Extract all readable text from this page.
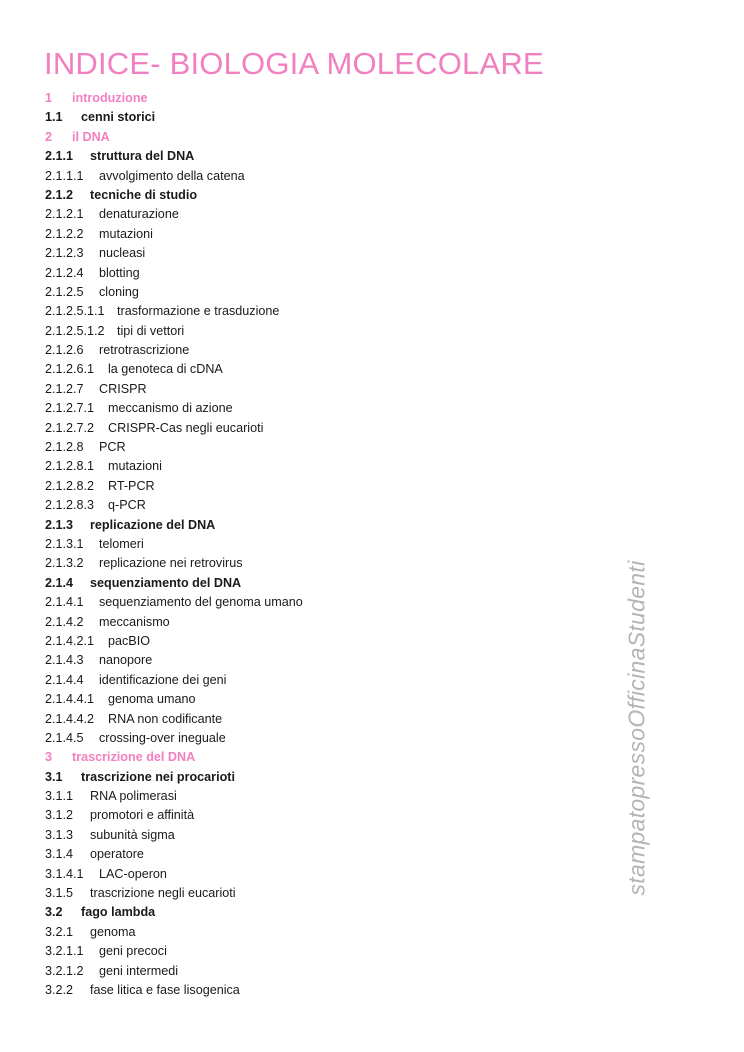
INDICE- BIOLOGIA MOLECOLARE
1 introduzione
1.1 cenni storici
2 il DNA
2.1.1 struttura del DNA
2.1.1.1 avvolgimento della catena
2.1.2 tecniche di studio
2.1.2.1 denaturazione
2.1.2.2 mutazioni
2.1.2.3 nucleasi
2.1.2.4 blotting
2.1.2.5 cloning
2.1.2.5.1.1 trasformazione e trasduzione
2.1.2.5.1.2 tipi di vettori
2.1.2.6 retrotrascrizione
2.1.2.6.1 la genoteca di cDNA
2.1.2.7 CRISPR
2.1.2.7.1 meccanismo di azione
2.1.2.7.2 CRISPR-Cas negli eucarioti
2.1.2.8 PCR
2.1.2.8.1 mutazioni
2.1.2.8.2 RT-PCR
2.1.2.8.3 q-PCR
2.1.3 replicazione del DNA
2.1.3.1 telomeri
2.1.3.2 replicazione nei retrovirus
2.1.4 sequenziamento del DNA
2.1.4.1 sequenziamento del genoma umano
2.1.4.2 meccanismo
2.1.4.2.1 pacBIO
2.1.4.3 nanopore
2.1.4.4 identificazione dei geni
2.1.4.4.1 genoma umano
2.1.4.4.2 RNA non codificante
2.1.4.5 crossing-over ineguale
3 trascrizione del DNA
3.1 trascrizione nei procarioti
3.1.1 RNA polimerasi
3.1.2 promotori e affinità
3.1.3 subunità sigma
3.1.4 operatore
3.1.4.1 LAC-operon
3.1.5 trascrizione negli eucarioti
3.2 fago lambda
3.2.1 genoma
3.2.1.1 geni precoci
3.2.1.2 geni intermedi
3.2.2 fase litica e fase lisogenica
stampatopressoOfficinaStudenti
